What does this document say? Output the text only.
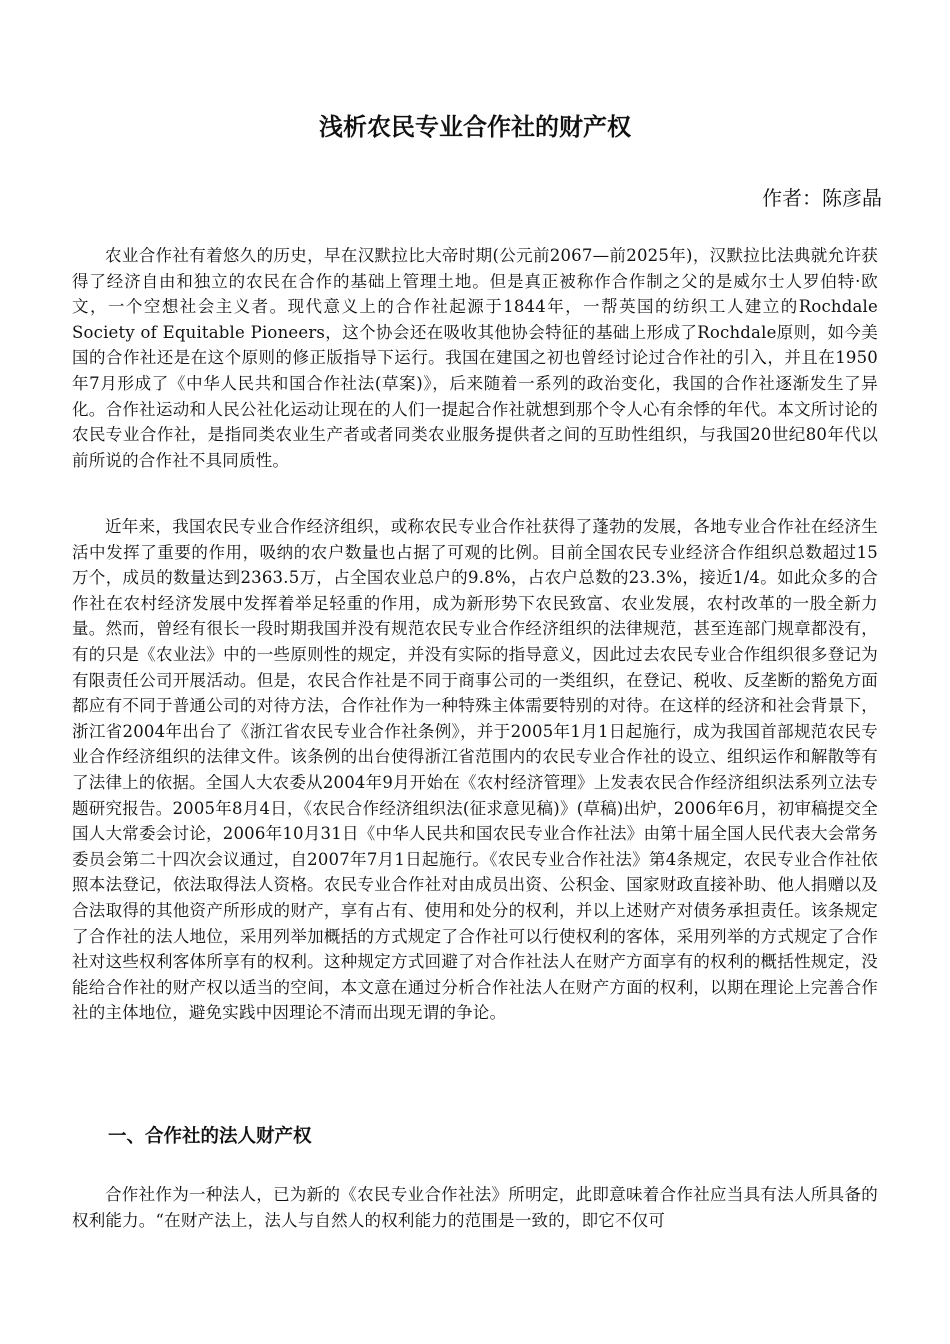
浅析农民专业合作社的财产权

作者：陈彦晶

农业合作社有着悠久的历史，早在汉默拉比大帝时期(公元前2067—前2025年)，汉默拉比法典就允许获得了经济自由和独立的农民在合作的基础上管理土地。但是真正被称作合作制之父的是威尔士人罗伯特·欧文，一个空想社会主义者。现代意义上的合作社起源于1844年，一帮英国的纺织工人建立的Rochdale Society of Equitable Pioneers，这个协会还在吸收其他协会特征的基础上形成了Rochdale原则，如今美国的合作社还是在这个原则的修正版指导下运行。我国在建国之初也曾经讨论过合作社的引入，并且在1950年7月形成了《中华人民共和国合作社法(草案)》，后来随着一系列的政治变化，我国的合作社逐渐发生了异化。合作社运动和人民公社化运动让现在的人们一提起合作社就想到那个令人心有余悸的年代。本文所讨论的农民专业合作社，是指同类农业生产者或者同类农业服务提供者之间的互助性组织，与我国20世纪80年代以前所说的合作社不具同质性。

近年来，我国农民专业合作经济组织，或称农民专业合作社获得了蓬勃的发展，各地专业合作社在经济生活中发挥了重要的作用，吸纳的农户数量也占据了可观的比例。目前全国农民专业经济合作组织总数超过15万个，成员的数量达到2363.5万，占全国农业总户的9.8%，占农户总数的23.3%，接近1/4。如此众多的合作社在农村经济发展中发挥着举足轻重的作用，成为新形势下农民致富、农业发展，农村改革的一股全新力量。然而，曾经有很长一段时期我国并没有规范农民专业合作经济组织的法律规范，甚至连部门规章都没有，有的只是《农业法》中的一些原则性的规定，并没有实际的指导意义，因此过去农民专业合作组织很多登记为有限责任公司开展活动。但是，农民合作社是不同于商事公司的一类组织，在登记、税收、反垄断的豁免方面都应有不同于普通公司的对待方法，合作社作为一种特殊主体需要特别的对待。在这样的经济和社会背景下，浙江省2004年出台了《浙江省农民专业合作社条例》，并于2005年1月1日起施行，成为我国首部规范农民专业合作经济组织的法律文件。该条例的出台使得浙江省范围内的农民专业合作社的设立、组织运作和解散等有了法律上的依据。全国人大农委从2004年9月开始在《农村经济管理》上发表农民合作经济组织法系列立法专题研究报告。2005年8月4日，《农民合作经济组织法(征求意见稿)》(草稿)出炉，2006年6月，初审稿提交全国人大常委会讨论，2006年10月31日《中华人民共和国农民专业合作社法》由第十届全国人民代表大会常务委员会第二十四次会议通过，自2007年7月1日起施行。《农民专业合作社法》第4条规定，农民专业合作社依照本法登记，依法取得法人资格。农民专业合作社对由成员出资、公积金、国家财政直接补助、他人捐赠以及合法取得的其他资产所形成的财产，享有占有、使用和处分的权利，并以上述财产对债务承担责任。该条规定了合作社的法人地位，采用列举加概括的方式规定了合作社可以行使权利的客体，采用列举的方式规定了合作社对这些权利客体所享有的权利。这种规定方式回避了对合作社法人在财产方面享有的权利的概括性规定，没能给合作社的财产权以适当的空间，本文意在通过分析合作社法人在财产方面的权利，以期在理论上完善合作社的主体地位，避免实践中因理论不清而出现无谓的争论。

一、合作社的法人财产权

合作社作为一种法人，已为新的《农民专业合作社法》所明定，此即意味着合作社应当具有法人所具备的权利能力。“在财产法上，法人与自然人的权利能力的范围是一致的，即它不仅可
